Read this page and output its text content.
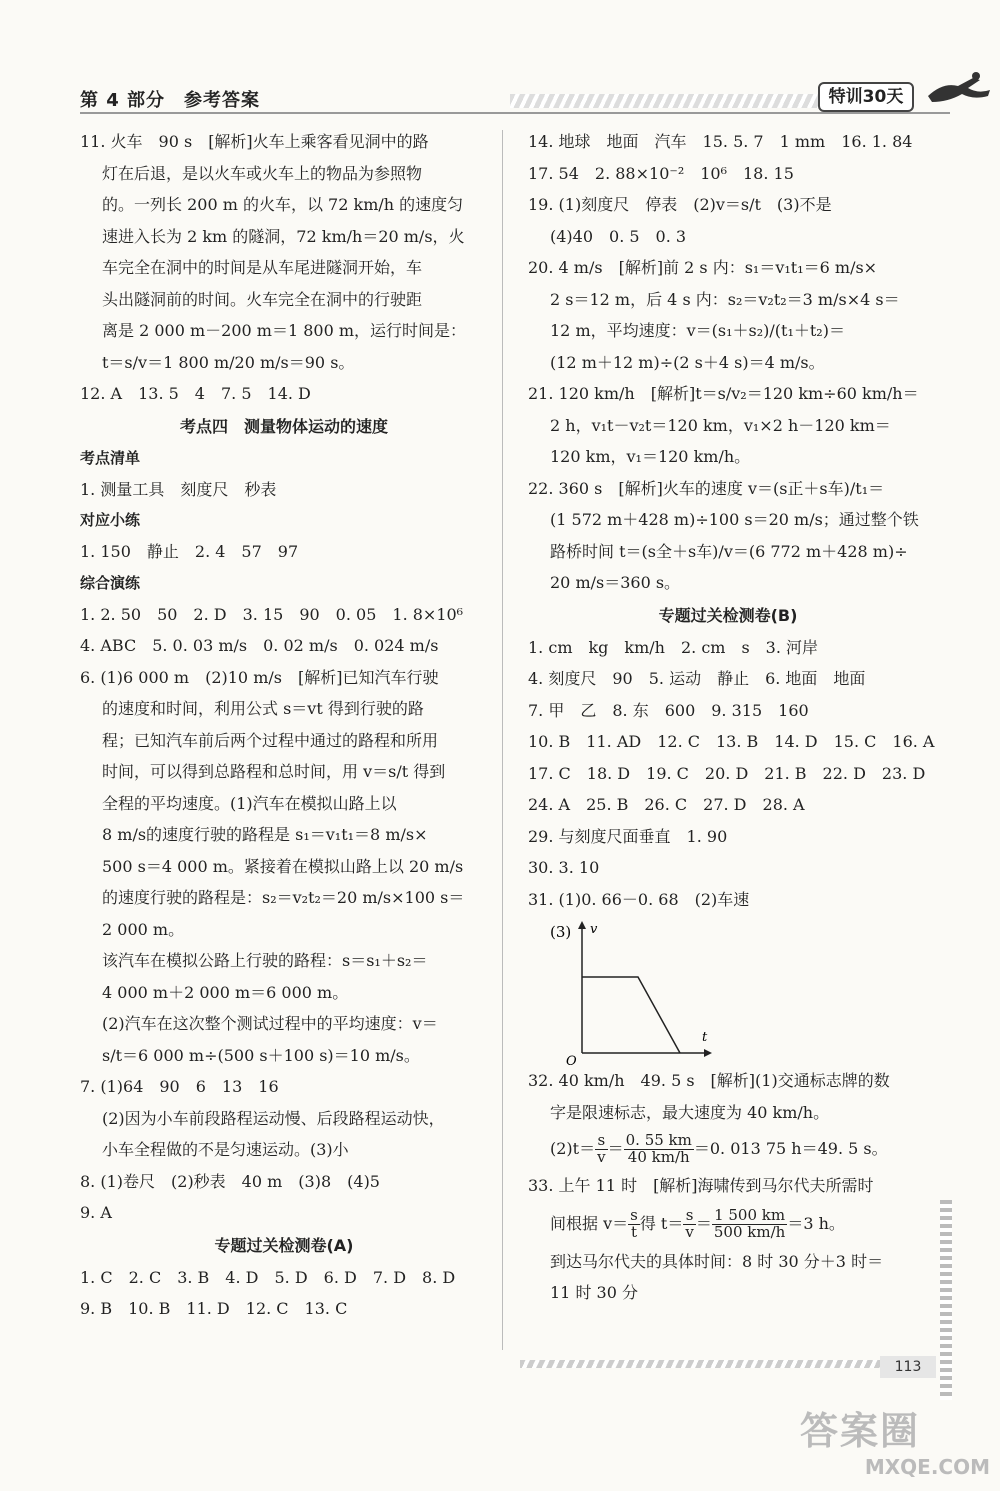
第 4 部分　参考答案	特训30天
11. 火车　90 s　[解析]火车上乘客看见洞中的路
灯在后退，是以火车或火车上的物品为参照物
的。一列长 200 m 的火车，以 72 km/h 的速度匀
速进入长为 2 km 的隧洞，72 km/h＝20 m/s，火
车完全在洞中的时间是从车尾进隧洞开始，车
头出隧洞前的时间。火车完全在洞中的行驶距
离是 2 000 m－200 m＝1 800 m，运行时间是：
t＝s/v＝1 800 m/20 m/s＝90 s。
12. A　13. 5　4　7. 5　14. D
考点四　测量物体运动的速度
考点清单
1. 测量工具　刻度尺　秒表
对应小练
1. 150　静止　2. 4　57　97
综合演练
1. 2. 50　50　2. D　3. 15　90　0. 05　1. 8×10⁶
4. ABC　5. 0. 03 m/s　0. 02 m/s　0. 024 m/s
6. (1)6 000 m　(2)10 m/s　[解析]已知汽车行驶
的速度和时间，利用公式 s＝vt 得到行驶的路
程；已知汽车前后两个过程中通过的路程和所用
时间，可以得到总路程和总时间，用 v＝s/t 得到
全程的平均速度。(1)汽车在模拟山路上以
8 m/s的速度行驶的路程是 s₁＝v₁t₁＝8 m/s×
500 s＝4 000 m。紧接着在模拟山路上以 20 m/s
的速度行驶的路程是：s₂＝v₂t₂＝20 m/s×100 s＝
2 000 m。
该汽车在模拟公路上行驶的路程：s＝s₁＋s₂＝
4 000 m＋2 000 m＝6 000 m。
(2)汽车在这次整个测试过程中的平均速度：v＝
s/t＝6 000 m÷(500 s＋100 s)＝10 m/s。
7. (1)64　90　6　13　16
(2)因为小车前段路程运动慢、后段路程运动快，
小车全程做的不是匀速运动。(3)小
8. (1)卷尺　(2)秒表　40 m　(3)8　(4)5
9. A
专题过关检测卷(A)
1. C　2. C　3. B　4. D　5. D　6. D　7. D　8. D
9. B　10. B　11. D　12. C　13. C
14. 地球　地面　汽车　15. 5. 7　1 mm　16. 1. 84
17. 54　2. 88×10⁻²　10⁶　18. 15
19. (1)刻度尺　停表　(2)v＝s/t　(3)不是
(4)40　0. 5　0. 3
20. 4 m/s　[解析]前 2 s 内：s₁＝v₁t₁＝6 m/s×
2 s＝12 m，后 4 s 内：s₂＝v₂t₂＝3 m/s×4 s＝
12 m，平均速度：v＝(s₁＋s₂)/(t₁＋t₂)＝
(12 m＋12 m)÷(2 s＋4 s)＝4 m/s。
21. 120 km/h　[解析]t＝s/v₂＝120 km÷60 km/h＝
2 h，v₁t－v₂t＝120 km，v₁×2 h－120 km＝
120 km，v₁＝120 km/h。
22. 360 s　[解析]火车的速度 v＝(s正＋s车)/t₁＝
(1 572 m＋428 m)÷100 s＝20 m/s；通过整个铁
路桥时间 t＝(s全＋s车)/v＝(6 772 m＋428 m)÷
20 m/s＝360 s。
专题过关检测卷(B)
1. cm　kg　km/h　2. cm　s　3. 河岸
4. 刻度尺　90　5. 运动　静止　6. 地面　地面
7. 甲　乙　8. 东　600　9. 315　160
10. B　11. AD　12. C　13. B　14. D　15. C　16. A
17. C　18. D　19. C　20. D　21. B　22. D　23. D
24. A　25. B　26. C　27. D　28. A
29. 与刻度尺面垂直　1. 90
30. 3. 10
31. (1)0. 66－0. 68　(2)车速
(3) v
t
O
32. 40 km/h　49. 5 s　[解析](1)交通标志牌的数
字是限速标志，最大速度为 40 km/h。
$(2)t= \frac{s}{v} = \frac{0. 55 km}{40 km/h} =0$. 013 75 h＝49. 5 s。
33. 上午 11 时　[解析]海啸传到马尔代夫所需时
间根据 $v= \frac{s}{t}$ 得 $t= \frac{s}{v} = \frac{1 500 km}{500 km/h} =3$ h。
到达马尔代夫的具体时间：8 时 30 分＋3 时＝
11 时 30 分
113
答案圈
MXQE.COM
